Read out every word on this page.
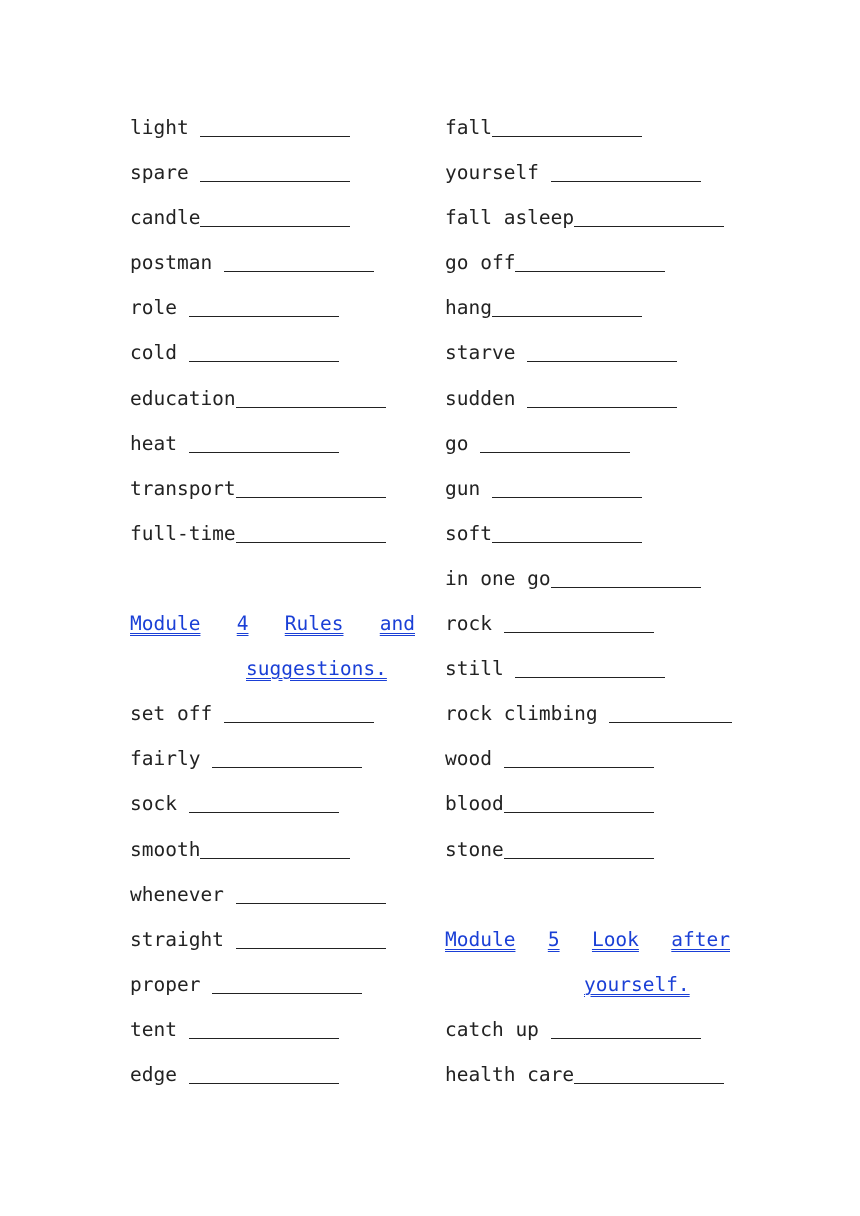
light
spare
candle
postman
role
cold
education
heat
transport
full-time
Module 4 Rules and
suggestions.
set off
fairly
sock
smooth
whenever
straight
proper
tent
edge
fall
yourself
fall asleep
go off
hang
starve
sudden
go
gun
soft
in one go
rock
still
rock climbing
wood
blood
stone
Module 5 Look after
yourself.
catch up
health care
